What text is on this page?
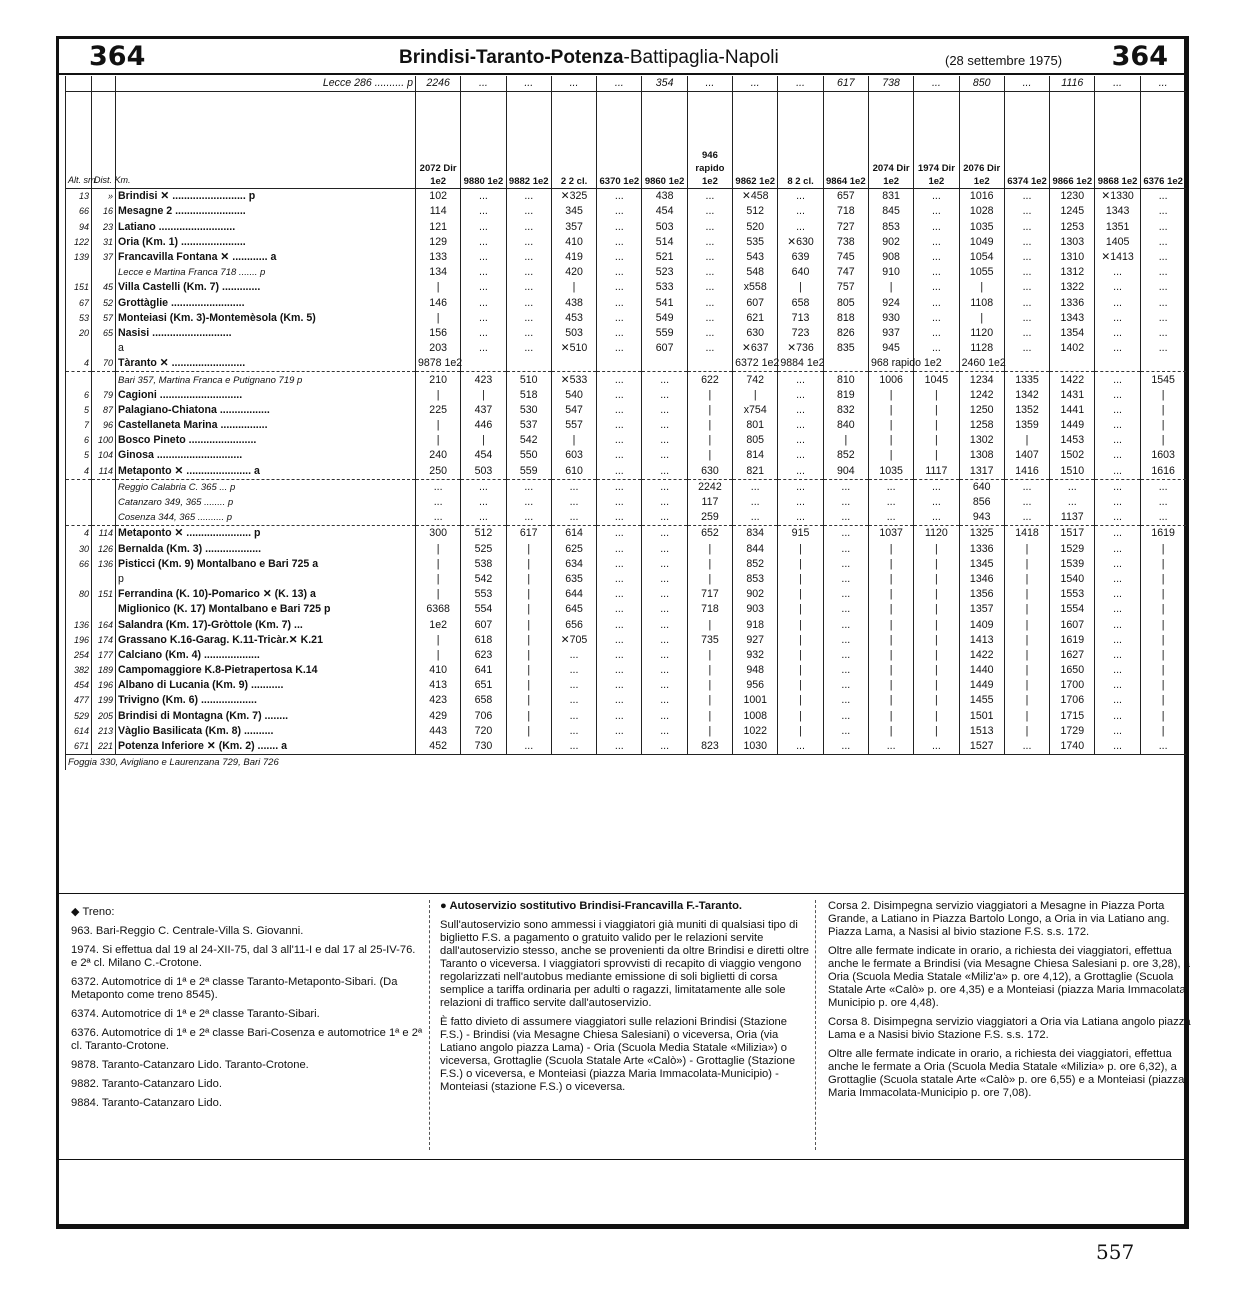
364	Brindisi-Taranto-Potenza-Battipaglia-Napoli	(28 settembre 1975) 364
		Lecce 286 .......... p	2246	...	...	...	...	354	...	...	...	617	738	...	850	...	1116	...	...
Alt. sm.	Dist. Km.		2072 Dir 1e2	9880 1e2	9882 1e2	2 2 cl.	6370 1e2	9860 1e2	946 rapido 1e2	9862 1e2	8 2 cl.	9864 1e2	2074 Dir 1e2	1974 Dir 1e2	2076 Dir 1e2	6374 1e2	9866 1e2	9868 1e2	6376 1e2
13	»	Brindisi ✕ ......................... p	102	...	...	✕325	...	438	...	✕458	...	657	831	...	1016	...	1230	✕1330	...
66	16	Mesagne 2 ........................	114	...	...	345	...	454	...	512	...	718	845	...	1028	...	1245	1343	...
94	23	Latiano ..........................	121	...	...	357	...	503	...	520	...	727	853	...	1035	...	1253	1351	...
122	31	Oria (Km. 1) ......................	129	...	...	410	...	514	...	535	✕630	738	902	...	1049	...	1303	1405	...
139	37	Francavilla Fontana ✕ ............ a	133	...	...	419	...	521	...	543	639	745	908	...	1054	...	1310	✕1413	...
		Lecce e Martina Franca 718 ....... p	134	...	...	420	...	523	...	548	640	747	910	...	1055	...	1312	...	...
151	45	Villa Castelli (Km. 7) .............	|	...	...	|	...	533	...	x558	|	757	|	...	|	...	1322	...	...
67	52	Grottàglie .........................	146	...	...	438	...	541	...	607	658	805	924	...	1108	...	1336	...	...
53	57	Monteiasi (Km. 3)-Montemèsola (Km. 5)	|	...	...	453	...	549	...	621	713	818	930	...	|	...	1343	...	...
20	65	Nasisi ...........................	156	...	...	503	...	559	...	630	723	826	937	...	1120	...	1354	...	...
		a	203	...	...	✕510	...	607	...	✕637	✕736	835	945	...	1128	...	1402	...	...
4	70	Tàranto ✕ .........................	9878 1e2							6372 1e2	9884 1e2		968 rapido 1e2		2460 1e2				
		Bari 357, Martina Franca e Putignano 719 p	210	423	510	✕533	...	...	622	742	...	810	1006	1045	1234	1335	1422	...	1545
6	79	Cagioni ............................	|	|	518	540	...	...	|	|	...	819	|	|	1242	1342	1431	...	|
5	87	Palagiano-Chiatona .................	225	437	530	547	...	...	|	x754	...	832	|	|	1250	1352	1441	...	|
7	96	Castellaneta Marina ................	|	446	537	557	...	...	|	801	...	840	|	|	1258	1359	1449	...	|
6	100	Bosco Pineto .......................	|	|	542	|	...	...	|	805	...	|	|	|	1302	|	1453	...	|
5	104	Ginosa .............................	240	454	550	603	...	...	|	814	...	852	|	|	1308	1407	1502	...	1603
4	114	Metaponto ✕ ...................... a	250	503	559	610	...	...	630	821	...	904	1035	1117	1317	1416	1510	...	1616
		Reggio Calabria C. 365 ... p	...	...	...	...	...	...	2242	...	...	...	...	...	640	...	...	...	...
		Catanzaro 349, 365 ........ p	...	...	...	...	...	...	117	...	...	...	...	...	856	...	...	...	...
		Cosenza 344, 365 .......... p	...	...	...	...	...	...	259	...	...	...	...	...	943	...	1137	...	...
4	114	Metaponto ✕ ...................... p	300	512	617	614	...	...	652	834	915	...	1037	1120	1325	1418	1517	...	1619
30	126	Bernalda (Km. 3) ...................	|	525	|	625	...	...	|	844	|	...	|	|	1336	|	1529	...	|
66	136	Pisticci (Km. 9) Montalbano e Bari 725 a	|	538	|	634	...	...	|	852	|	...	|	|	1345	|	1539	...	|
		p	|	542	|	635	...	...	|	853	|	...	|	|	1346	|	1540	...	|
80	151	Ferrandina (K. 10)-Pomarico ✕ (K. 13) a	|	553	|	644	...	...	717	902	|	...	|	|	1356	|	1553	...	|
		Miglionico (K. 17) Montalbano e Bari 725 p	6368	554	|	645	...	...	718	903	|	...	|	|	1357	|	1554	...	|
136	164	Salandra (Km. 17)-Gròttole (Km. 7) ...	1e2	607	|	656	...	...	|	918	|	...	|	|	1409	|	1607	...	|
196	174	Grassano K.16-Garag. K.11-Tricàr.✕ K.21	|	618	|	✕705	...	...	735	927	|	...	|	|	1413	|	1619	...	|
254	177	Calciano (Km. 4) ...................	|	623	|	...	...	...	|	932	|	...	|	|	1422	|	1627	...	|
382	189	Campomaggiore K.8-Pietrapertosa K.14	410	641	|	...	...	...	|	948	|	...	|	|	1440	|	1650	...	|
454	196	Albano di Lucania (Km. 9) ...........	413	651	|	...	...	...	|	956	|	...	|	|	1449	|	1700	...	|
477	199	Trivigno (Km. 6) ...................	423	658	|	...	...	...	|	1001	|	...	|	|	1455	|	1706	...	|
529	205	Brindisi di Montagna (Km. 7) ........	429	706	|	...	...	...	|	1008	|	...	|	|	1501	|	1715	...	|
614	213	Vàglio Basilicata (Km. 8) ..........	443	720	|	...	...	...	|	1022	|	...	|	|	1513	|	1729	...	|
671	221	Potenza Inferiore ✕ (Km. 2) ....... a	452	730	...	...	...	...	823	1030	...	...	...	...	1527	...	1740	...	...
Foggia 330, Avigliano e Laurenzana 729, Bari 726																			

◆ Treno:

963. Bari-Reggio C. Centrale-Villa S. Giovanni.

1974. Si effettua dal 19 al 24-XII-75, dal 3 all'11-I e dal 17 al 25-IV-76. e 2ª cl. Milano C.-Crotone.

6372. Automotrice di 1ª e 2ª classe Taranto-Metaponto-Sibari. (Da Metaponto come treno 8545).

6374. Automotrice di 1ª e 2ª classe Taranto-Sibari.

6376. Automotrice di 1ª e 2ª classe Bari-Cosenza e automotrice 1ª e 2ª cl. Taranto-Crotone.

9878. Taranto-Catanzaro Lido. Taranto-Crotone.

9882. Taranto-Catanzaro Lido.

9884. Taranto-Catanzaro Lido.

● Autoservizio sostitutivo Brindisi-Francavilla F.-Taranto.

Sull'autoservizio sono ammessi i viaggiatori già muniti di qualsiasi tipo di biglietto F.S. a pagamento o gratuito valido per le relazioni servite dall'autoservizio stesso, anche se provenienti da oltre Brindisi e diretti oltre Taranto o viceversa. I viaggiatori sprovvisti di recapito di viaggio vengono regolarizzati nell'autobus mediante emissione di soli biglietti di corsa semplice a tariffa ordinaria per adulti o ragazzi, limitatamente alle sole relazioni di traffico servite dall'autoservizio.

È fatto divieto di assumere viaggiatori sulle relazioni Brindisi (Stazione F.S.) - Brindisi (via Mesagne Chiesa Salesiani) o viceversa, Oria (via Latiano angolo piazza Lama) - Oria (Scuola Media Statale «Milizia») o viceversa, Grottaglie (Scuola Statale Arte «Calò») - Grottaglie (Stazione F.S.) o viceversa, e Monteiasi (piazza Maria Immacolata-Municipio) - Monteiasi (stazione F.S.) o viceversa.

Corsa 2. Disimpegna servizio viaggiatori a Mesagne in Piazza Porta Grande, a Latiano in Piazza Bartolo Longo, a Oria in via Latiano ang. Piazza Lama, a Nasisi al bivio stazione F.S. s.s. 172.

Oltre alle fermate indicate in orario, a richiesta dei viaggiatori, effettua anche le fermate a Brindisi (via Mesagne Chiesa Salesiani p. ore 3,28), a Oria (Scuola Media Statale «Miliz'a» p. ore 4,12), a Grottaglie (Scuola Statale Arte «Calò» p. ore 4,35) e a Monteiasi (piazza Maria Immacolata-Municipio p. ore 4,48).

Corsa 8. Disimpegna servizio viaggiatori a Oria via Latiana angolo piazza Lama e a Nasisi bivio Stazione F.S. s.s. 172.

Oltre alle fermate indicate in orario, a richiesta dei viaggiatori, effettua anche le fermate a Oria (Scuola Media Statale «Milizia» p. ore 6,32), a Grottaglie (Scuola statale Arte «Calò» p. ore 6,55) e a Monteiasi (piazza Maria Immacolata-Municipio p. ore 7,08).

557
